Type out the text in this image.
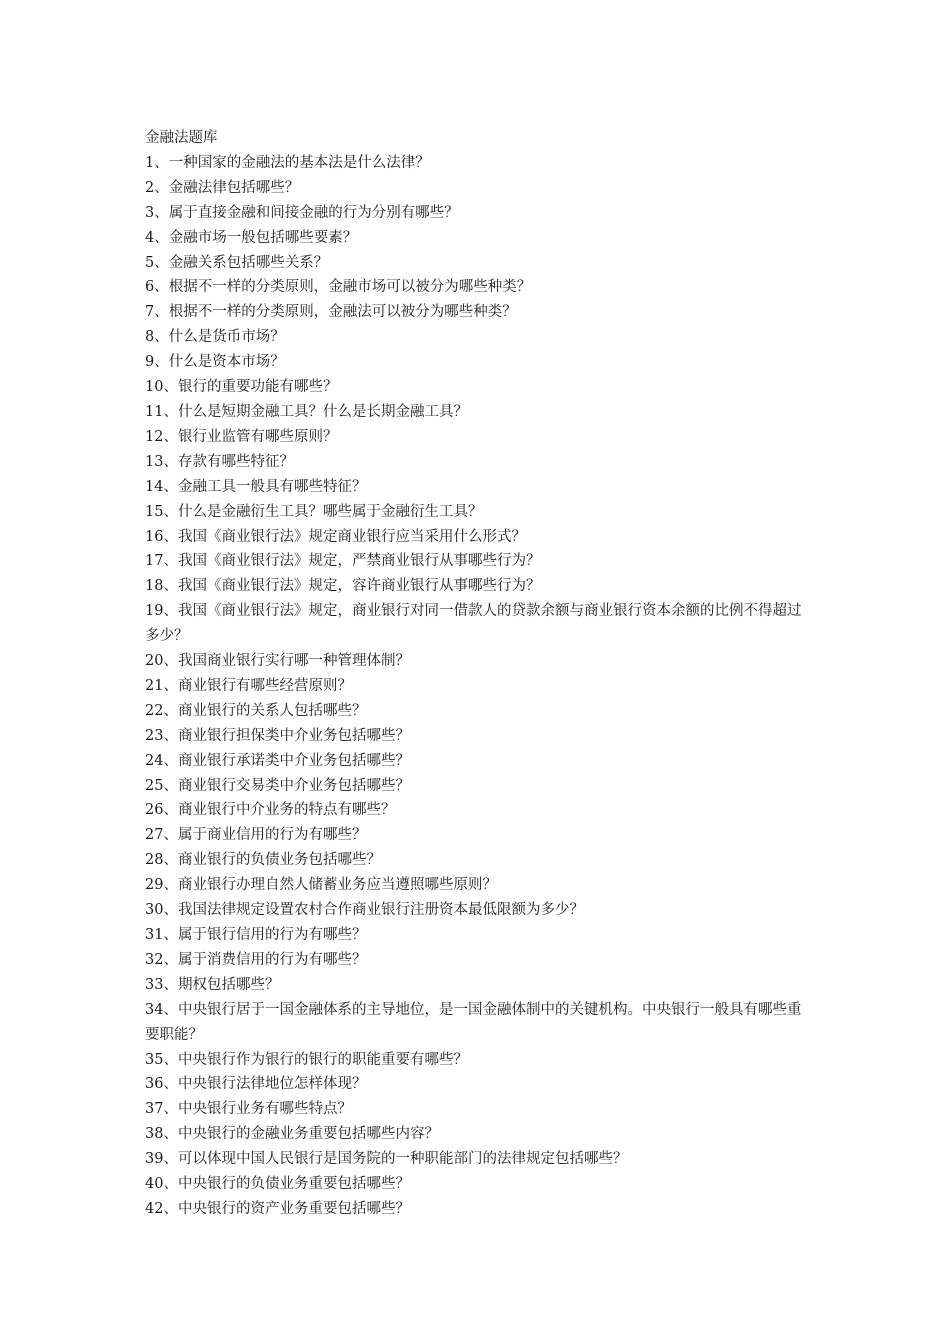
金融法题库

1、一种国家的金融法的基本法是什么法律？

2、金融法律包括哪些？

3、属于直接金融和间接金融的行为分别有哪些？

4、金融市场一般包括哪些要素？

5、金融关系包括哪些关系？

6、根据不一样的分类原则，金融市场可以被分为哪些种类？

7、根据不一样的分类原则，金融法可以被分为哪些种类？

8、什么是货币市场？

9、什么是资本市场？

10、银行的重要功能有哪些？

11、什么是短期金融工具？什么是长期金融工具？

12、银行业监管有哪些原则？

13、存款有哪些特征？

14、金融工具一般具有哪些特征？

15、什么是金融衍生工具？哪些属于金融衍生工具？

16、我国《商业银行法》规定商业银行应当采用什么形式？

17、我国《商业银行法》规定，严禁商业银行从事哪些行为？

18、我国《商业银行法》规定，容许商业银行从事哪些行为？

19、我国《商业银行法》规定，商业银行对同一借款人的贷款余额与商业银行资本余额的比例不得超过多少？

20、我国商业银行实行哪一种管理体制？

21、商业银行有哪些经营原则？

22、商业银行的关系人包括哪些？

23、商业银行担保类中介业务包括哪些？

24、商业银行承诺类中介业务包括哪些？

25、商业银行交易类中介业务包括哪些？

26、商业银行中介业务的特点有哪些？

27、属于商业信用的行为有哪些？

28、商业银行的负债业务包括哪些？

29、商业银行办理自然人储蓄业务应当遵照哪些原则？

30、我国法律规定设置农村合作商业银行注册资本最低限额为多少？

31、属于银行信用的行为有哪些？

32、属于消费信用的行为有哪些？

33、期权包括哪些？

34、中央银行居于一国金融体系的主导地位，是一国金融体制中的关键机构。中央银行一般具有哪些重要职能？

35、中央银行作为银行的银行的职能重要有哪些？

36、中央银行法律地位怎样体现？

37、中央银行业务有哪些特点？

38、中央银行的金融业务重要包括哪些内容？

39、可以体现中国人民银行是国务院的一种职能部门的法律规定包括哪些？

40、中央银行的负债业务重要包括哪些？

42、中央银行的资产业务重要包括哪些？
